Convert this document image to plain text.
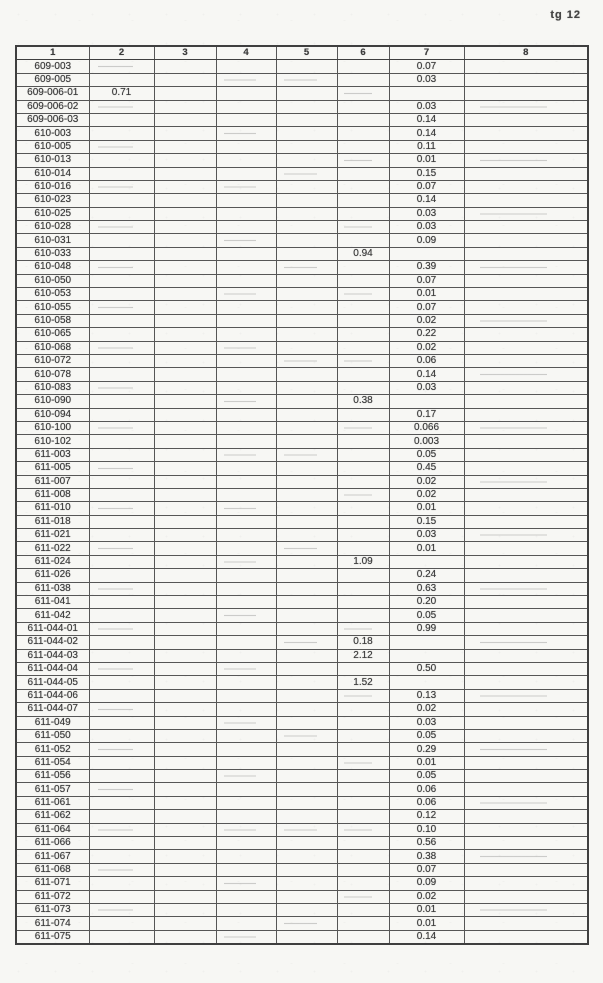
tg 12
1	2	3	4	5	6	7	8
609-003						0.07	
609-005						0.03	
609-006-01	0.71						
609-006-02						0.03	
609-006-03						0.14	
610-003						0.14	
610-005						0.11	
610-013						0.01	
610-014						0.15	
610-016						0.07	
610-023						0.14	
610-025						0.03	
610-028						0.03	
610-031						0.09	
610-033					0.94		
610-048						0.39	
610-050						0.07	
610-053						0.01	
610-055						0.07	
610-058						0.02	
610-065						0.22	
610-068						0.02	
610-072						0.06	
610-078						0.14	
610-083						0.03	
610-090					0.38		
610-094						0.17	
610-100						0.066	
610-102						0.003	
611-003						0.05	
611-005						0.45	
611-007						0.02	
611-008						0.02	
611-010						0.01	
611-018						0.15	
611-021						0.03	
611-022						0.01	
611-024					1.09		
611-026						0.24	
611-038						0.63	
611-041						0.20	
611-042						0.05	
611-044-01						0.99	
611-044-02					0.18		
611-044-03					2.12		
611-044-04						0.50	
611-044-05					1.52		
611-044-06						0.13	
611-044-07						0.02	
611-049						0.03	
611-050						0.05	
611-052						0.29	
611-054						0.01	
611-056						0.05	
611-057						0.06	
611-061						0.06	
611-062						0.12	
611-064						0.10	
611-066						0.56	
611-067						0.38	
611-068						0.07	
611-071						0.09	
611-072						0.02	
611-073						0.01	
611-074						0.01	
611-075						0.14	
